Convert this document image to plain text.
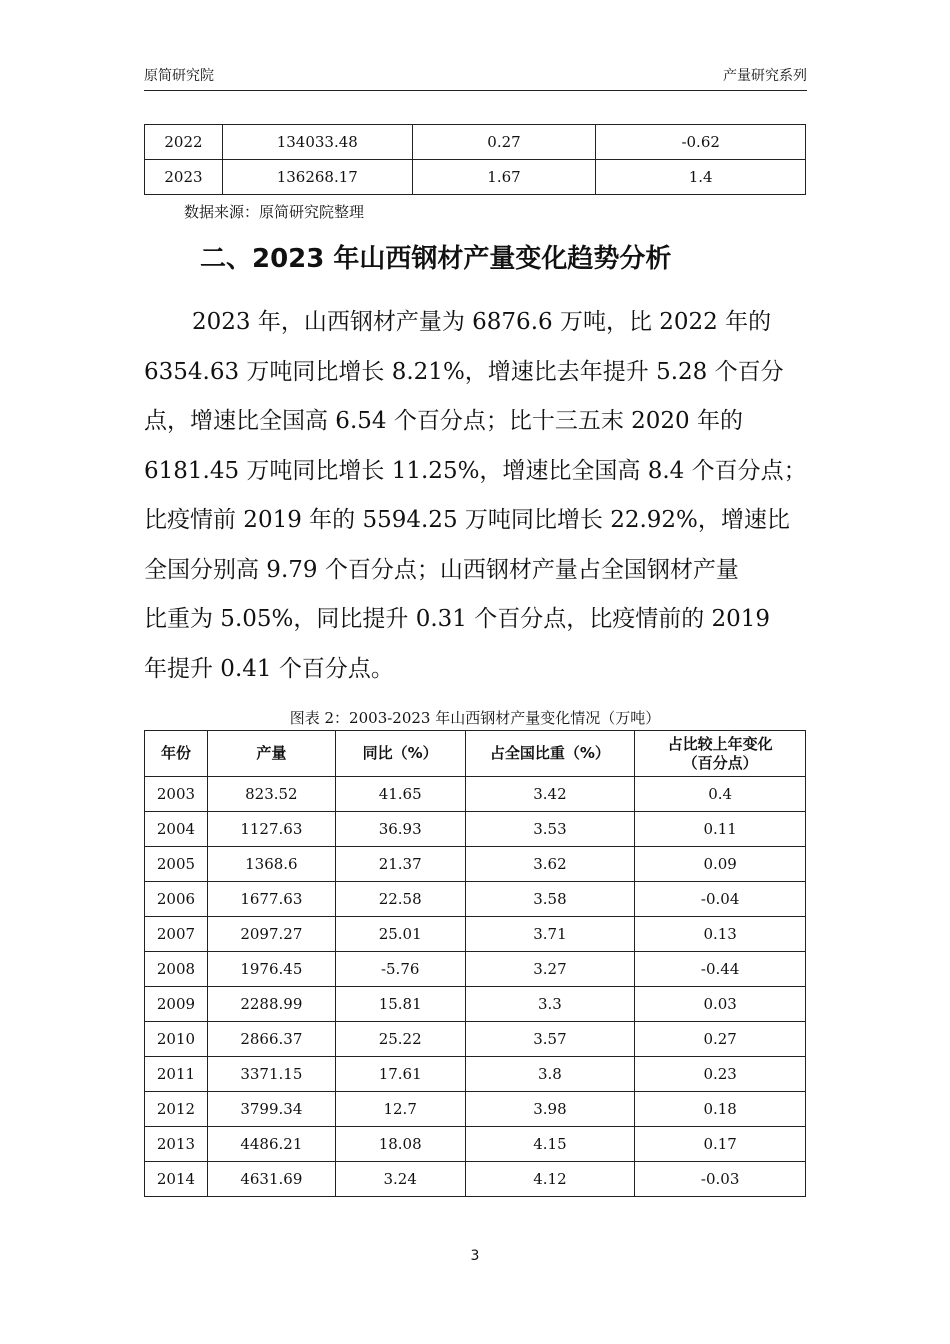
原简研究院	产量研究系列
2022	134033.48	0.27	-0.62
2023	136268.17	1.67	1.4
数据来源：原简研究院整理
二、2023 年山西钢材产量变化趋势分析

2023 年，山西钢材产量为 6876.6 万吨，比 2022 年的
6354.63 万吨同比增长 8.21%，增速比去年提升 5.28 个百分
点，增速比全国高 6.54 个百分点；比十三五末 2020 年的
6181.45 万吨同比增长 11.25%，增速比全国高 8.4 个百分点；
比疫情前 2019 年的 5594.25 万吨同比增长 22.92%，增速比
全国分别高 9.79 个百分点；山西钢材产量占全国钢材产量
比重为 5.05%，同比提升 0.31 个百分点，比疫情前的 2019
年提升 0.41 个百分点。

图表 2：2003-2023 年山西钢材产量变化情况（万吨）
年份	产量	同比（%）	占全国比重（%）	占比较上年变化
（百分点）
2003	823.52	41.65	3.42	0.4
2004	1127.63	36.93	3.53	0.11
2005	1368.6	21.37	3.62	0.09
2006	1677.63	22.58	3.58	-0.04
2007	2097.27	25.01	3.71	0.13
2008	1976.45	-5.76	3.27	-0.44
2009	2288.99	15.81	3.3	0.03
2010	2866.37	25.22	3.57	0.27
2011	3371.15	17.61	3.8	0.23
2012	3799.34	12.7	3.98	0.18
2013	4486.21	18.08	4.15	0.17
2014	4631.69	3.24	4.12	-0.03
3
